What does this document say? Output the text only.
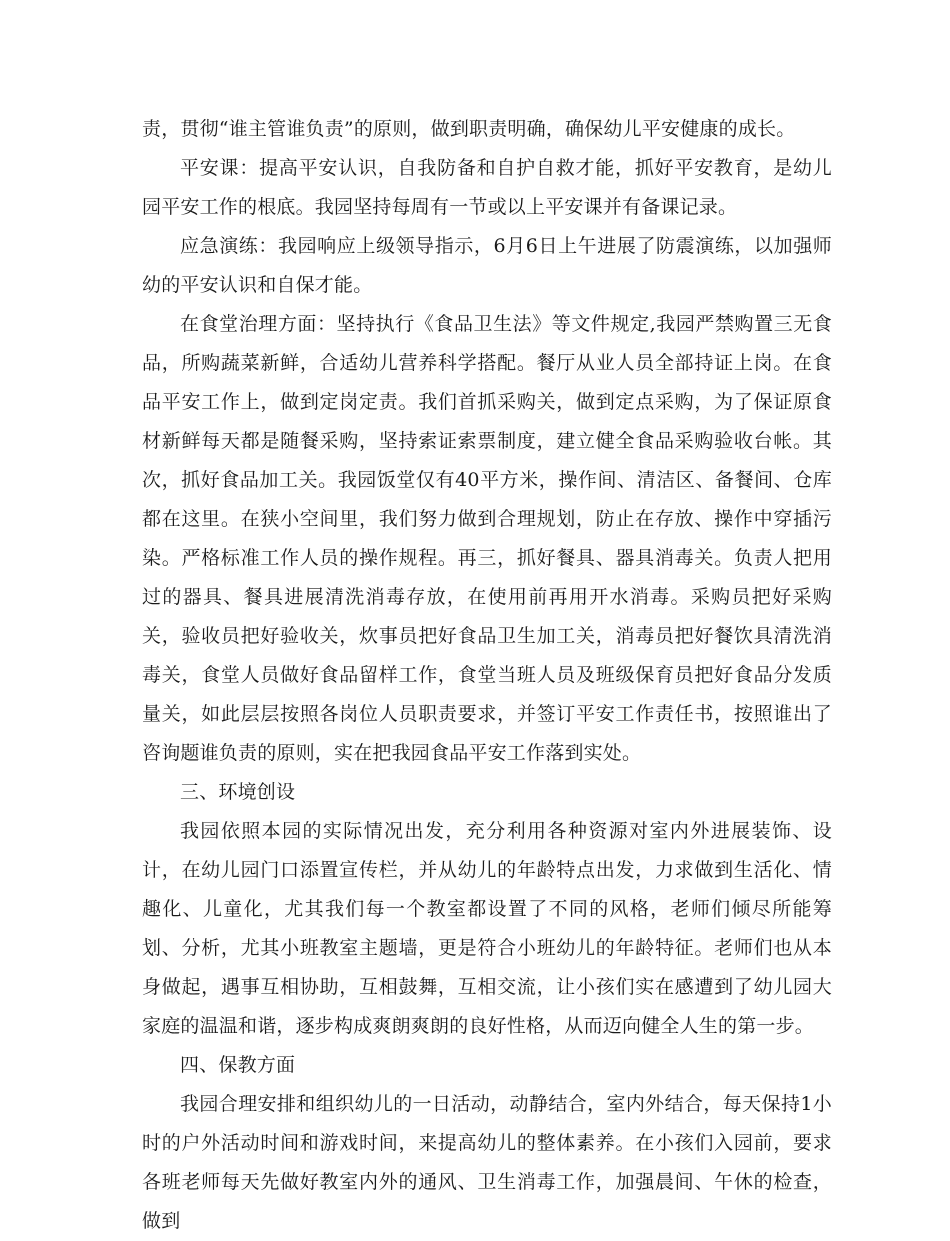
责，贯彻“谁主管谁负责”的原则，做到职责明确，确保幼儿平安健康的成长。

平安课：提高平安认识，自我防备和自护自救才能，抓好平安教育，是幼儿园平安工作的根底。我园坚持每周有一节或以上平安课并有备课记录。

应急演练：我园响应上级领导指示，6月6日上午进展了防震演练，以加强师幼的平安认识和自保才能。

在食堂治理方面：坚持执行《食品卫生法》等文件规定,我园严禁购置三无食品，所购蔬菜新鲜，合适幼儿营养科学搭配。餐厅从业人员全部持证上岗。在食品平安工作上，做到定岗定责。我们首抓采购关，做到定点采购，为了保证原食材新鲜每天都是随餐采购，坚持索证索票制度，建立健全食品采购验收台帐。其次，抓好食品加工关。我园饭堂仅有40平方米，操作间、清洁区、备餐间、仓库都在这里。在狭小空间里，我们努力做到合理规划，防止在存放、操作中穿插污染。严格标准工作人员的操作规程。再三，抓好餐具、器具消毒关。负责人把用过的器具、餐具进展清洗消毒存放，在使用前再用开水消毒。采购员把好采购关，验收员把好验收关，炊事员把好食品卫生加工关，消毒员把好餐饮具清洗消毒关，食堂人员做好食品留样工作，食堂当班人员及班级保育员把好食品分发质量关，如此层层按照各岗位人员职责要求，并签订平安工作责任书，按照谁出了咨询题谁负责的原则，实在把我园食品平安工作落到实处。

三、环境创设

我园依照本园的实际情况出发，充分利用各种资源对室内外进展装饰、设计，在幼儿园门口添置宣传栏，并从幼儿的年龄特点出发，力求做到生活化、情趣化、儿童化，尤其我们每一个教室都设置了不同的风格，老师们倾尽所能筹划、分析，尤其小班教室主题墙，更是符合小班幼儿的年龄特征。老师们也从本身做起，遇事互相协助，互相鼓舞，互相交流，让小孩们实在感遭到了幼儿园大家庭的温温和谐，逐步构成爽朗爽朗的良好性格，从而迈向健全人生的第一步。

四、保教方面

我园合理安排和组织幼儿的一日活动，动静结合，室内外结合，每天保持1小时的户外活动时间和游戏时间，来提高幼儿的整体素养。在小孩们入园前，要求各班老师每天先做好教室内外的通风、卫生消毒工作，加强晨间、午休的检查，做到
